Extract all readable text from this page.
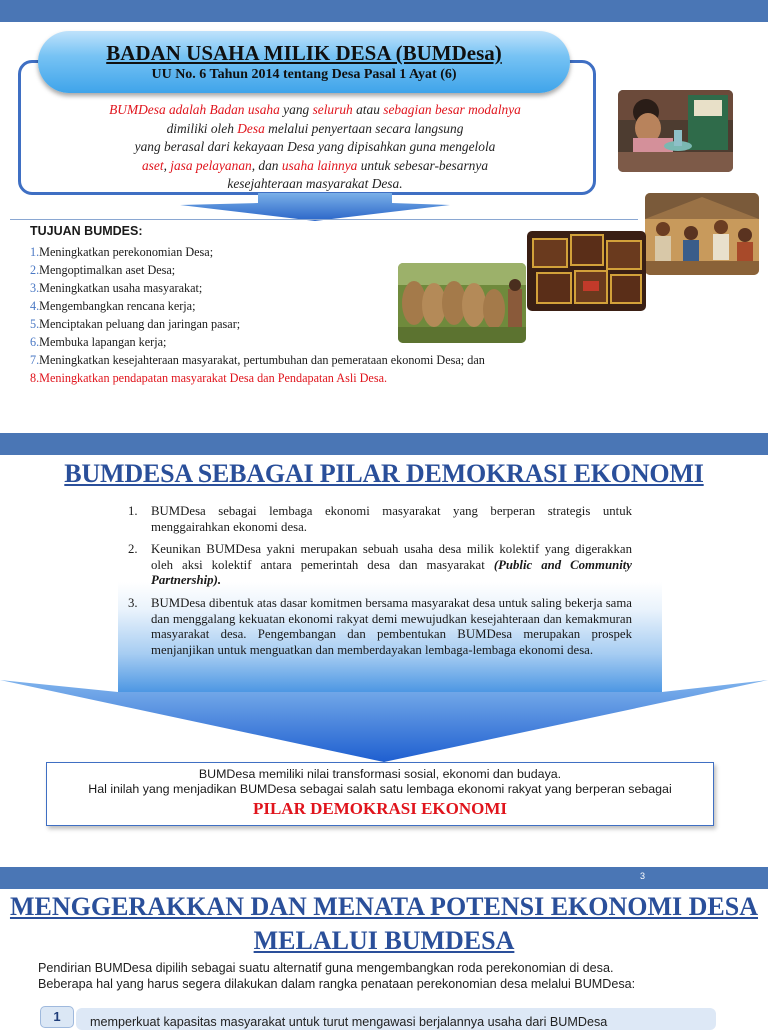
BADAN USAHA MILIK DESA (BUMDesa)
UU No. 6 Tahun 2014 tentang Desa Pasal 1 Ayat (6)
BUMDesa adalah Badan usaha yang seluruh atau sebagian besar modalnya
dimiliki oleh Desa melalui penyertaan secara langsung
yang berasal dari kekayaan Desa yang dipisahkan guna mengelola
aset, jasa pelayanan, dan usaha lainnya untuk sebesar-besarnya
kesejahteraan masyarakat Desa.
TUJUAN BUMDES:
1.Meningkatkan perekonomian Desa;
2.Mengoptimalkan aset Desa;
3.Meningkatkan usaha masyarakat;
4.Mengembangkan rencana kerja;
5.Menciptakan peluang dan jaringan pasar;
6.Membuka lapangan kerja;
7.Meningkatkan kesejahteraan masyarakat, pertumbuhan dan pemerataan ekonomi Desa; dan
8.Meningkatkan pendapatan masyarakat Desa dan Pendapatan Asli Desa.
BUMDESA SEBAGAI PILAR DEMOKRASI EKONOMI
1. BUMDesa sebagai lembaga ekonomi masyarakat yang berperan strategis untuk menggairahkan ekonomi desa.
2. Keunikan BUMDesa yakni merupakan sebuah usaha desa milik kolektif yang digerakkan oleh aksi kolektif antara pemerintah desa dan masyarakat (Public and Community Partnership).
3. BUMDesa dibentuk atas dasar komitmen bersama masyarakat desa untuk saling bekerja sama dan menggalang kekuatan ekonomi rakyat demi mewujudkan kesejahteraan dan kemakmuran masyarakat desa. Pengembangan dan pembentukan BUMDesa merupakan prospek menjanjikan untuk menguatkan dan memberdayakan lembaga-lembaga ekonomi desa.
BUMDesa memiliki nilai transformasi sosial, ekonomi dan budaya.
Hal inilah yang menjadikan BUMDesa sebagai salah satu lembaga ekonomi rakyat yang berperan sebagai
PILAR DEMOKRASI EKONOMI
3
MENGGERAKKAN DAN MENATA POTENSI EKONOMI DESA
MELALUI BUMDESA
Pendirian BUMDesa dipilih sebagai suatu alternatif guna mengembangkan roda perekonomian di desa.
Beberapa hal yang harus segera dilakukan dalam rangka penataan perekonomian desa melalui BUMDesa:
1	memperkuat kapasitas masyarakat untuk turut mengawasi berjalannya usaha dari BUMDesa
